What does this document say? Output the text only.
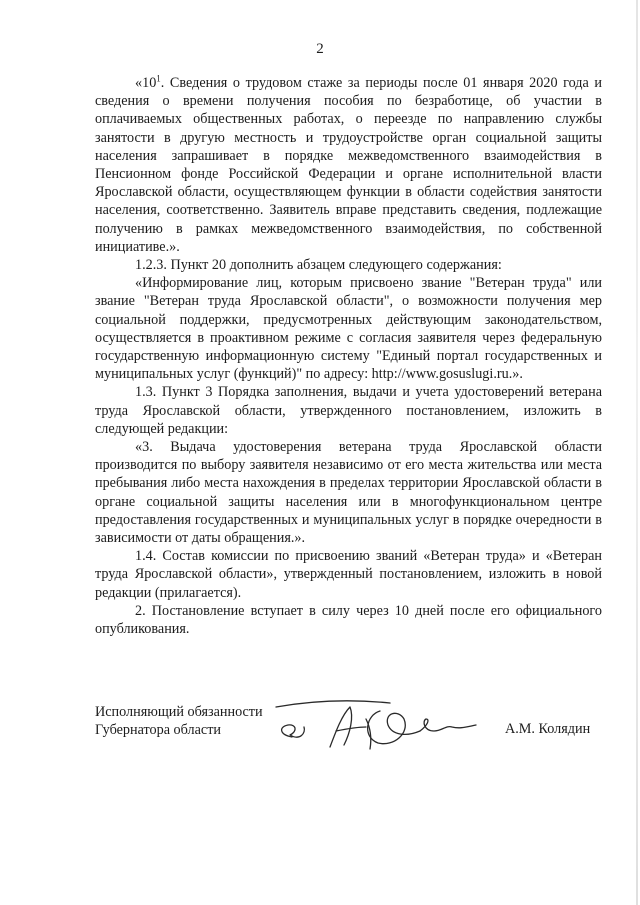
2

«$10^1$. Сведения о трудовом стаже за периоды после 01 января 2020 года и сведения о времени получения пособия по безработице, об участии в оплачиваемых общественных работах, о переезде по направлению службы занятости в другую местность и трудоустройстве орган социальной защиты населения запрашивает в порядке межведомственного взаимодействия в Пенсионном фонде Российской Федерации и органе исполнительной власти Ярославской области, осуществляющем функции в области содействия занятости населения, соответственно. Заявитель вправе представить сведения, подлежащие получению в рамках межведомственного взаимодействия, по собственной инициативе.».

1.2.3. Пункт 20 дополнить абзацем следующего содержания:

«Информирование лиц, которым присвоено звание "Ветеран труда" или звание "Ветеран труда Ярославской области", о возможности получения мер социальной поддержки, предусмотренных действующим законодательством, осуществляется в проактивном режиме с согласия заявителя через федеральную государственную информационную систему "Единый портал государственных и муниципальных услуг (функций)" по адресу: http://www.gosuslugi.ru.».

1.3. Пункт 3 Порядка заполнения, выдачи и учета удостоверений ветерана труда Ярославской области, утвержденного постановлением, изложить в следующей редакции:

«3. Выдача удостоверения ветерана труда Ярославской области производится по выбору заявителя независимо от его места жительства или места пребывания либо места нахождения в пределах территории Ярославской области в органе социальной защиты населения или в многофункциональном центре предоставления государственных и муниципальных услуг в порядке очередности в зависимости от даты обращения.».

1.4. Состав комиссии по присвоению званий «Ветеран труда» и «Ветеран труда Ярославской области», утвержденный постановлением, изложить в новой редакции (прилагается).

2. Постановление вступает в силу через 10 дней после его официального опубликования.

Исполняющий обязанности
Губернатора области	А.М. Колядин
